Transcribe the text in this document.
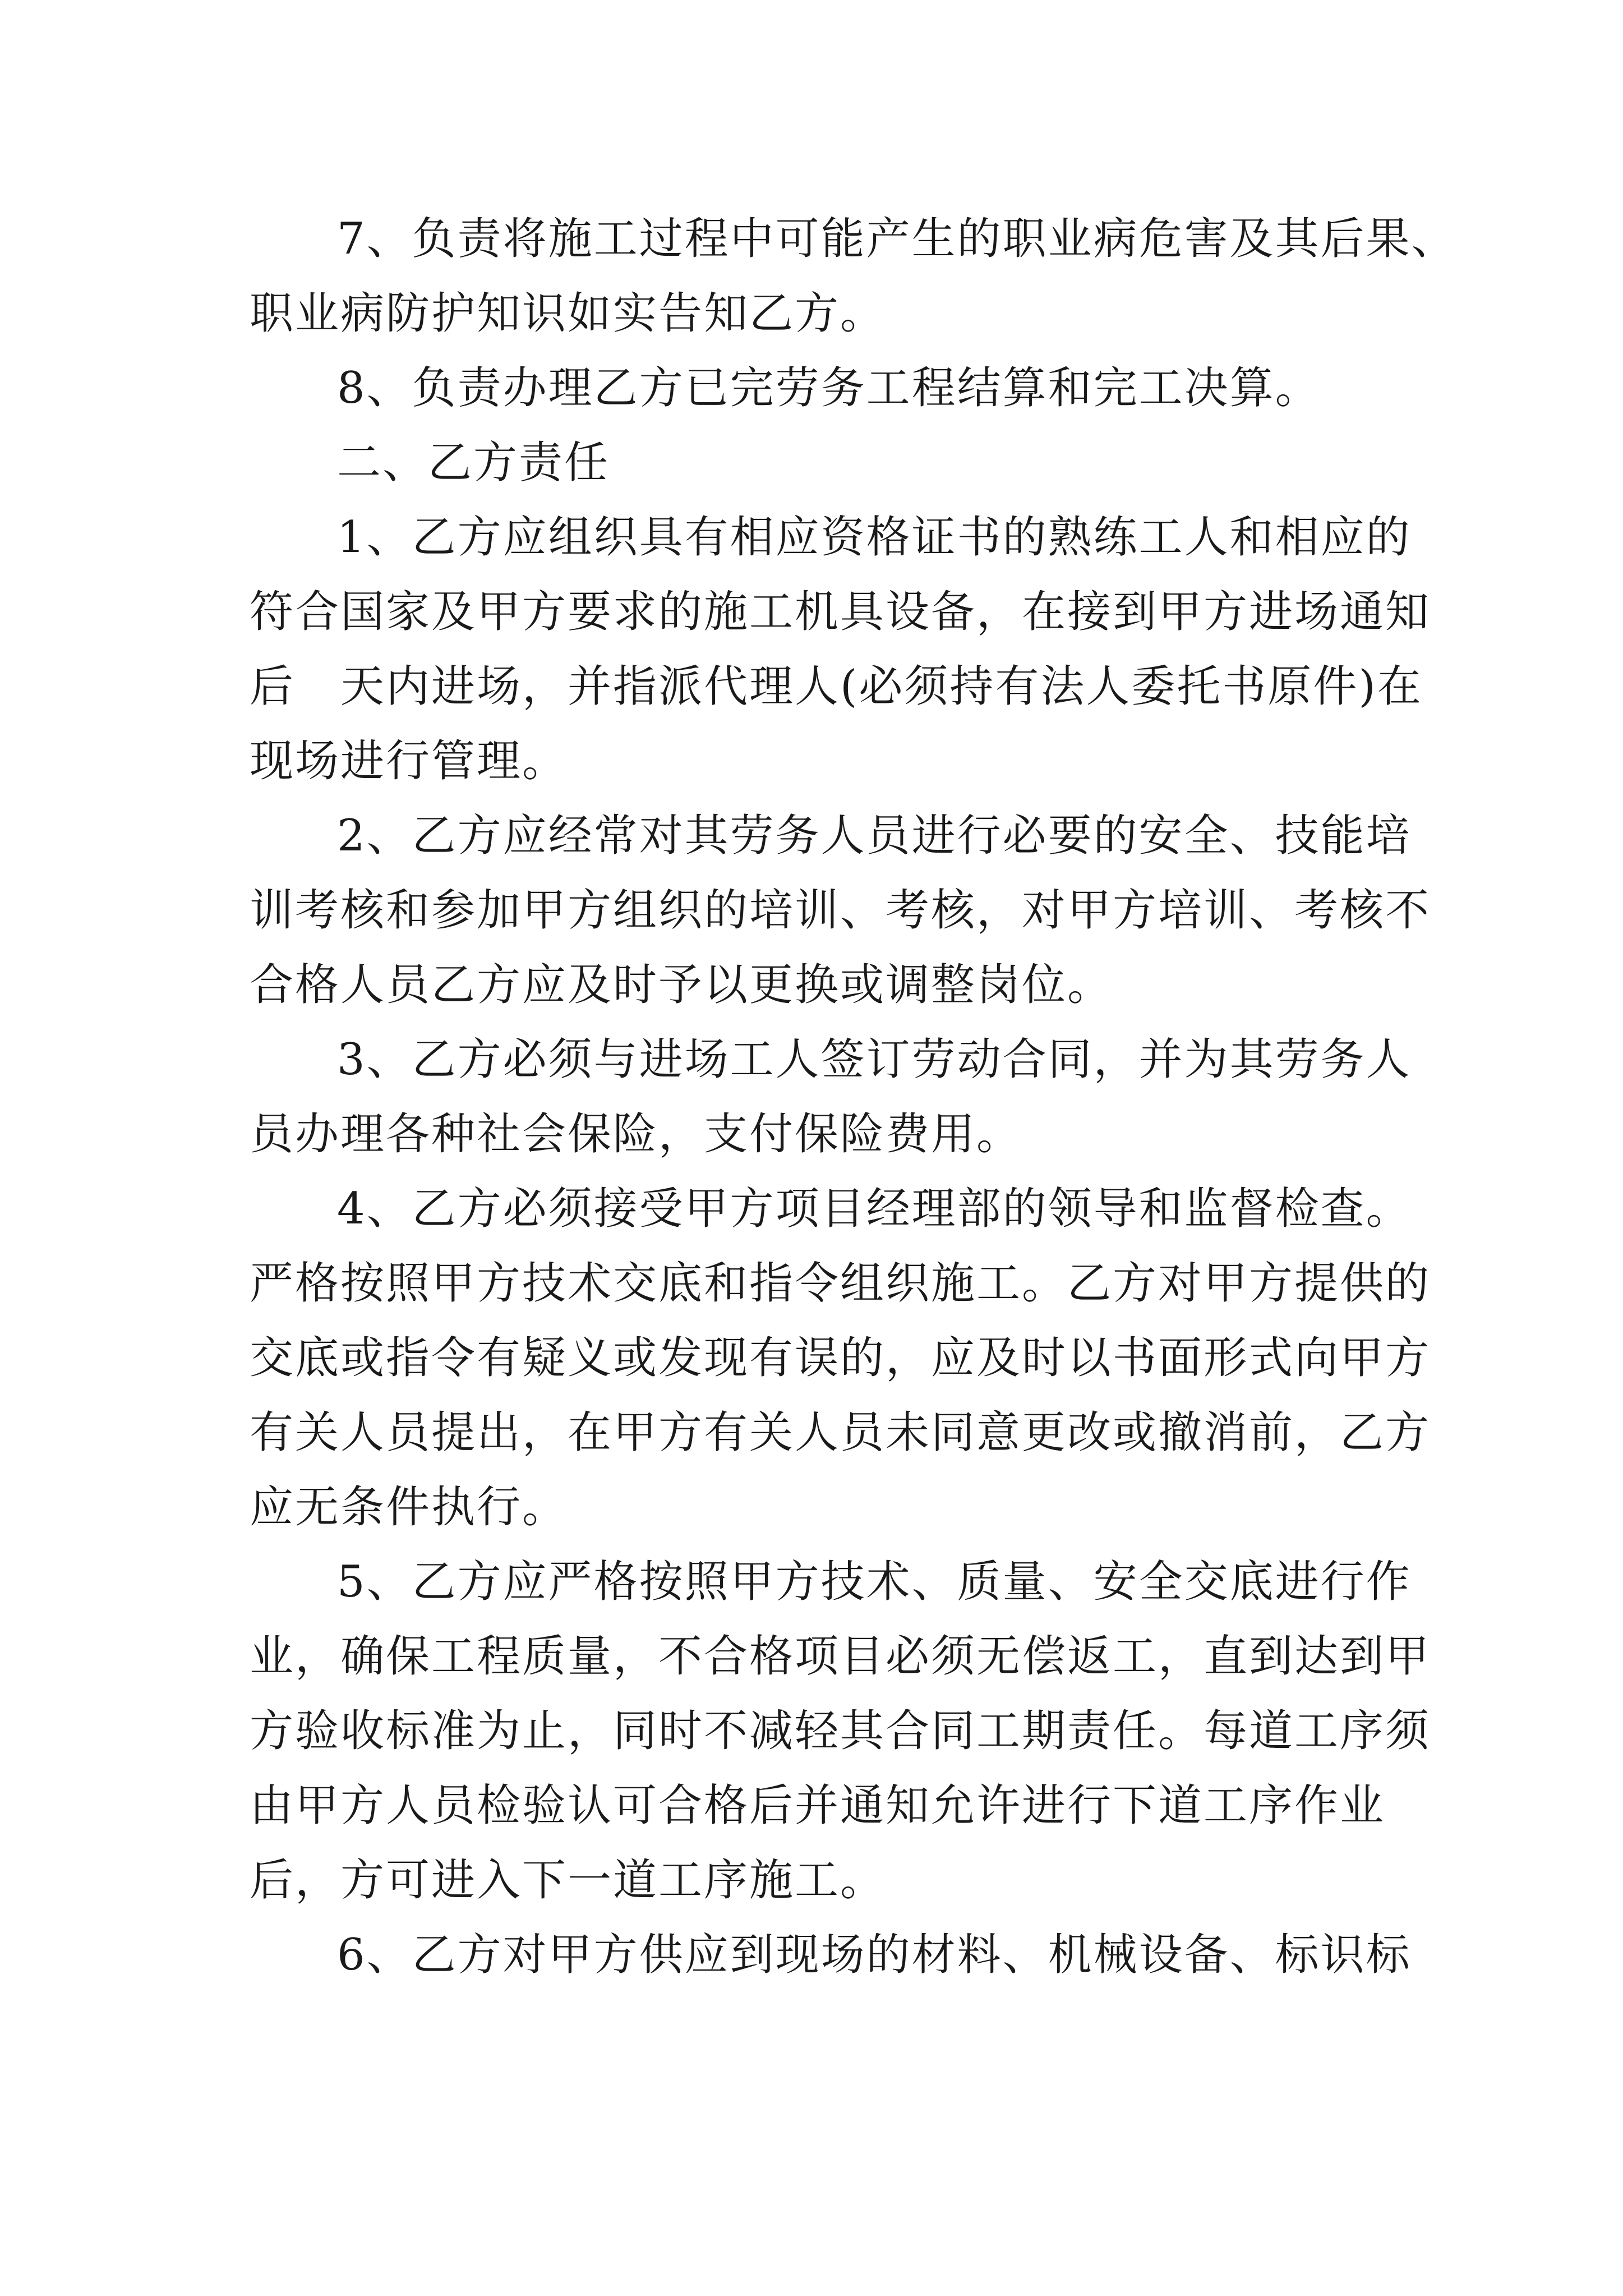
7、负责将施工过程中可能产生的职业病危害及其后果、
职业病防护知识如实告知乙方。
8、负责办理乙方已完劳务工程结算和完工决算。
二、乙方责任
1、乙方应组织具有相应资格证书的熟练工人和相应的
符合国家及甲方要求的施工机具设备，在接到甲方进场通知
后　天内进场，并指派代理人(必须持有法人委托书原件)在
现场进行管理。
2、乙方应经常对其劳务人员进行必要的安全、技能培
训考核和参加甲方组织的培训、考核，对甲方培训、考核不
合格人员乙方应及时予以更换或调整岗位。
3、乙方必须与进场工人签订劳动合同，并为其劳务人
员办理各种社会保险，支付保险费用。
4、乙方必须接受甲方项目经理部的领导和监督检查。
严格按照甲方技术交底和指令组织施工。乙方对甲方提供的
交底或指令有疑义或发现有误的，应及时以书面形式向甲方
有关人员提出，在甲方有关人员未同意更改或撤消前，乙方
应无条件执行。
5、乙方应严格按照甲方技术、质量、安全交底进行作
业，确保工程质量，不合格项目必须无偿返工，直到达到甲
方验收标准为止，同时不减轻其合同工期责任。每道工序须
由甲方人员检验认可合格后并通知允许进行下道工序作业
后，方可进入下一道工序施工。
6、乙方对甲方供应到现场的材料、机械设备、标识标
